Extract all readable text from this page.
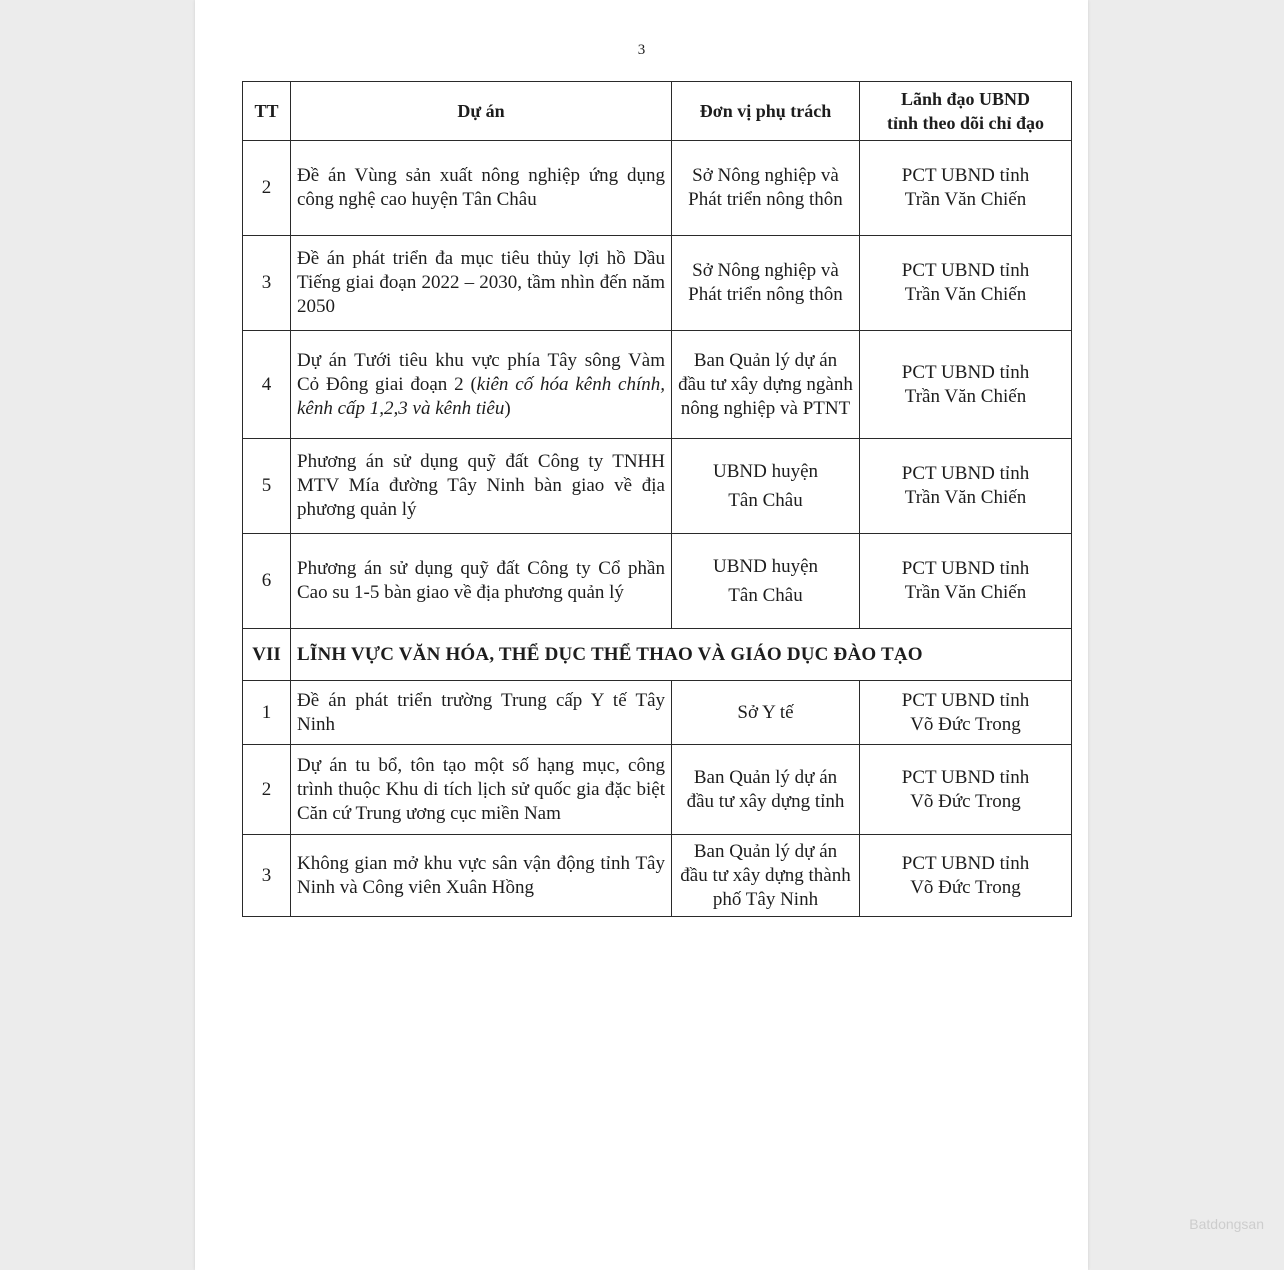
3
TT	Dự án	Đơn vị phụ trách	Lãnh đạo UBND
tỉnh theo dõi chỉ đạo
2	Đề án Vùng sản xuất nông nghiệp ứng dụng công nghệ cao huyện Tân Châu	Sở Nông nghiệp và
Phát triển nông thôn	PCT UBND tỉnh
Trần Văn Chiến
3	Đề án phát triển đa mục tiêu thủy lợi hồ Dầu Tiếng giai đoạn 2022 – 2030, tầm nhìn đến năm 2050	Sở Nông nghiệp và
Phát triển nông thôn	PCT UBND tỉnh
Trần Văn Chiến
4	Dự án Tưới tiêu khu vực phía Tây sông Vàm Cỏ Đông giai đoạn 2 (kiên cố hóa kênh chính, kênh cấp 1,2,3 và kênh tiêu)	Ban Quản lý dự án đầu tư xây dựng ngành nông nghiệp và PTNT	PCT UBND tỉnh
Trần Văn Chiến
5	Phương án sử dụng quỹ đất Công ty TNHH MTV Mía đường Tây Ninh bàn giao về địa phương quản lý	UBND huyện
Tân Châu	PCT UBND tỉnh
Trần Văn Chiến
6	Phương án sử dụng quỹ đất Công ty Cổ phần Cao su 1-5 bàn giao về địa phương quản lý	UBND huyện
Tân Châu	PCT UBND tỉnh
Trần Văn Chiến
VII	LĨNH VỰC VĂN HÓA, THỂ DỤC THỂ THAO VÀ GIÁO DỤC ĐÀO TẠO		
1	Đề án phát triển trường Trung cấp Y tế Tây Ninh	Sở Y tế	PCT UBND tỉnh
Võ Đức Trong
2	Dự án tu bổ, tôn tạo một số hạng mục, công trình thuộc Khu di tích lịch sử quốc gia đặc biệt Căn cứ Trung ương cục miền Nam	Ban Quản lý dự án đầu tư xây dựng tỉnh	PCT UBND tỉnh
Võ Đức Trong
3	Không gian mở khu vực sân vận động tỉnh Tây Ninh và Công viên Xuân Hồng	Ban Quản lý dự án đầu tư xây dựng thành phố Tây Ninh	PCT UBND tỉnh
Võ Đức Trong
Batdongsan
